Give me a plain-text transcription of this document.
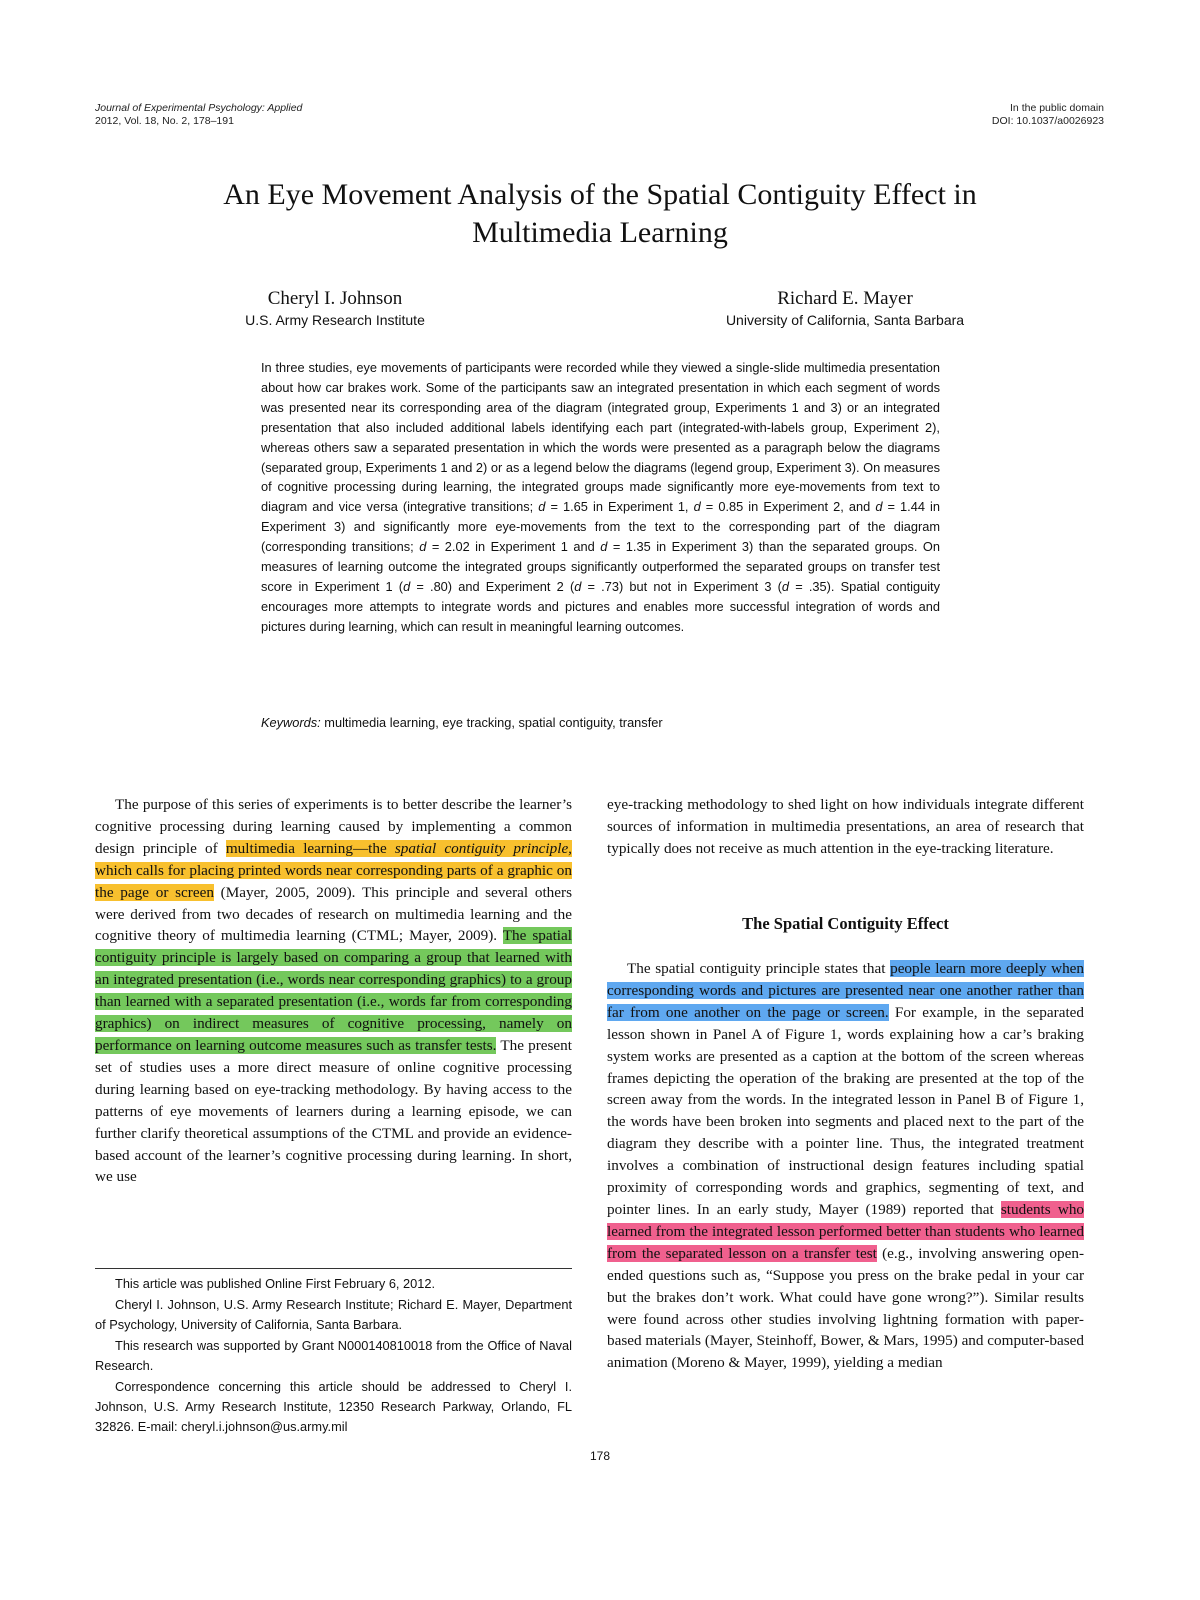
Journal of Experimental Psychology: Applied
2012, Vol. 18, No. 2, 178–191
In the public domain
DOI: 10.1037/a0026923
An Eye Movement Analysis of the Spatial Contiguity Effect in Multimedia Learning
Cheryl I. Johnson
U.S. Army Research Institute
Richard E. Mayer
University of California, Santa Barbara

In three studies, eye movements of participants were recorded while they viewed a single-slide multimedia presentation about how car brakes work. Some of the participants saw an integrated presentation in which each segment of words was presented near its corresponding area of the diagram (integrated group, Experiments 1 and 3) or an integrated presentation that also included additional labels identifying each part (integrated-with-labels group, Experiment 2), whereas others saw a separated presentation in which the words were presented as a paragraph below the diagrams (separated group, Experiments 1 and 2) or as a legend below the diagrams (legend group, Experiment 3). On measures of cognitive processing during learning, the integrated groups made significantly more eye-movements from text to diagram and vice versa (integrative transitions; d = 1.65 in Experiment 1, d = 0.85 in Experiment 2, and d = 1.44 in Experiment 3) and significantly more eye-movements from the text to the corresponding part of the diagram (corresponding transitions; d = 2.02 in Experiment 1 and d = 1.35 in Experiment 3) than the separated groups. On measures of learning outcome the integrated groups significantly outperformed the separated groups on transfer test score in Experiment 1 (d = .80) and Experiment 2 (d = .73) but not in Experiment 3 (d = .35). Spatial contiguity encourages more attempts to integrate words and pictures and enables more successful integration of words and pictures during learning, which can result in meaningful learning outcomes.

Keywords: multimedia learning, eye tracking, spatial contiguity, transfer

The purpose of this series of experiments is to better describe the learner’s cognitive processing during learning caused by implementing a common design principle of multimedia learning—the spatial contiguity principle, which calls for placing printed words near corresponding parts of a graphic on the page or screen (Mayer, 2005, 2009). This principle and several others were derived from two decades of research on multimedia learning and the cognitive theory of multimedia learning (CTML; Mayer, 2009). The spatial contiguity principle is largely based on comparing a group that learned with an integrated presentation (i.e., words near corresponding graphics) to a group than learned with a separated presentation (i.e., words far from corresponding graphics) on indirect measures of cognitive processing, namely on performance on learning outcome measures such as transfer tests. The present set of studies uses a more direct measure of online cognitive processing during learning based on eye-tracking methodology. By having access to the patterns of eye movements of learners during a learning episode, we can further clarify theoretical assumptions of the CTML and provide an evidence-based account of the learner’s cognitive processing during learning. In short, we use

eye-tracking methodology to shed light on how individuals integrate different sources of information in multimedia presentations, an area of research that typically does not receive as much attention in the eye-tracking literature.

The Spatial Contiguity Effect

The spatial contiguity principle states that people learn more deeply when corresponding words and pictures are presented near one another rather than far from one another on the page or screen. For example, in the separated lesson shown in Panel A of Figure 1, words explaining how a car’s braking system works are presented as a caption at the bottom of the screen whereas frames depicting the operation of the braking are presented at the top of the screen away from the words. In the integrated lesson in Panel B of Figure 1, the words have been broken into segments and placed next to the part of the diagram they describe with a pointer line. Thus, the integrated treatment involves a combination of instructional design features including spatial proximity of corresponding words and graphics, segmenting of text, and pointer lines. In an early study, Mayer (1989) reported that students who learned from the integrated lesson performed better than students who learned from the separated lesson on a transfer test (e.g., involving answering open-ended questions such as, “Suppose you press on the brake pedal in your car but the brakes don’t work. What could have gone wrong?”). Similar results were found across other studies involving lightning formation with paper-based materials (Mayer, Steinhoff, Bower, & Mars, 1995) and computer-based animation (Moreno & Mayer, 1999), yielding a median

This article was published Online First February 6, 2012.

Cheryl I. Johnson, U.S. Army Research Institute; Richard E. Mayer, Department of Psychology, University of California, Santa Barbara.

This research was supported by Grant N000140810018 from the Office of Naval Research.

Correspondence concerning this article should be addressed to Cheryl I. Johnson, U.S. Army Research Institute, 12350 Research Parkway, Orlando, FL 32826. E-mail: cheryl.i.johnson@us.army.mil

178
